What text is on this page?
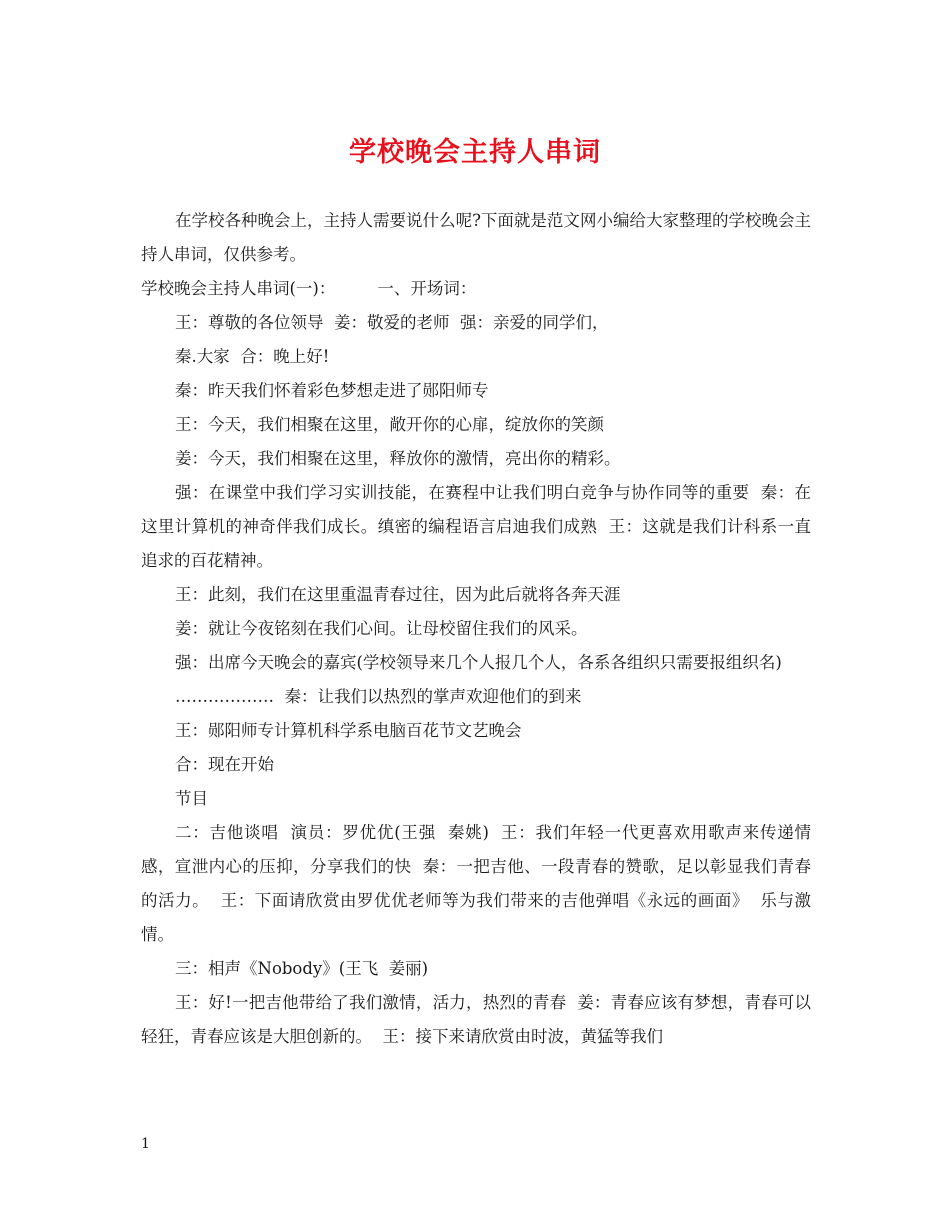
学校晚会主持人串词

在学校各种晚会上，主持人需要说什么呢?下面就是范文网小编给大家整理的学校晚会主持人串词，仅供参考。

学校晚会主持人串词(一)：        一、开场词：

王：尊敬的各位领导  姜：敬爱的老师  强：亲爱的同学们，

秦.大家  合：晚上好!

秦：昨天我们怀着彩色梦想走进了郧阳师专

王：今天，我们相聚在这里，敞开你的心扉，绽放你的笑颜

姜：今天，我们相聚在这里，释放你的激情，亮出你的精彩。

强：在课堂中我们学习实训技能，在赛程中让我们明白竞争与协作同等的重要  秦：在这里计算机的神奇伴我们成长。缜密的编程语言启迪我们成熟  王：这就是我们计科系一直追求的百花精神。

王：此刻，我们在这里重温青春过往，因为此后就将各奔天涯

姜：就让今夜铭刻在我们心间。让母校留住我们的风采。

强：出席今天晚会的嘉宾(学校领导来几个人报几个人，各系各组织只需要报组织名)

………………  秦：让我们以热烈的掌声欢迎他们的到来

王：郧阳师专计算机科学系电脑百花节文艺晚会

合：现在开始

节目

二：吉他谈唱  演员：罗优优(王强  秦姚)  王：我们年轻一代更喜欢用歌声来传递情感，宣泄内心的压抑，分享我们的快  秦：一把吉他、一段青春的赞歌，足以彰显我们青春的活力。  王：下面请欣赏由罗优优老师等为我们带来的吉他弹唱《永远的画面》  乐与激情。

三：相声《Nobody》(王飞  姜丽)

王：好!一把吉他带给了我们激情，活力，热烈的青春  姜：青春应该有梦想，青春可以轻狂，青春应该是大胆创新的。  王：接下来请欣赏由时波，黄猛等我们

1
